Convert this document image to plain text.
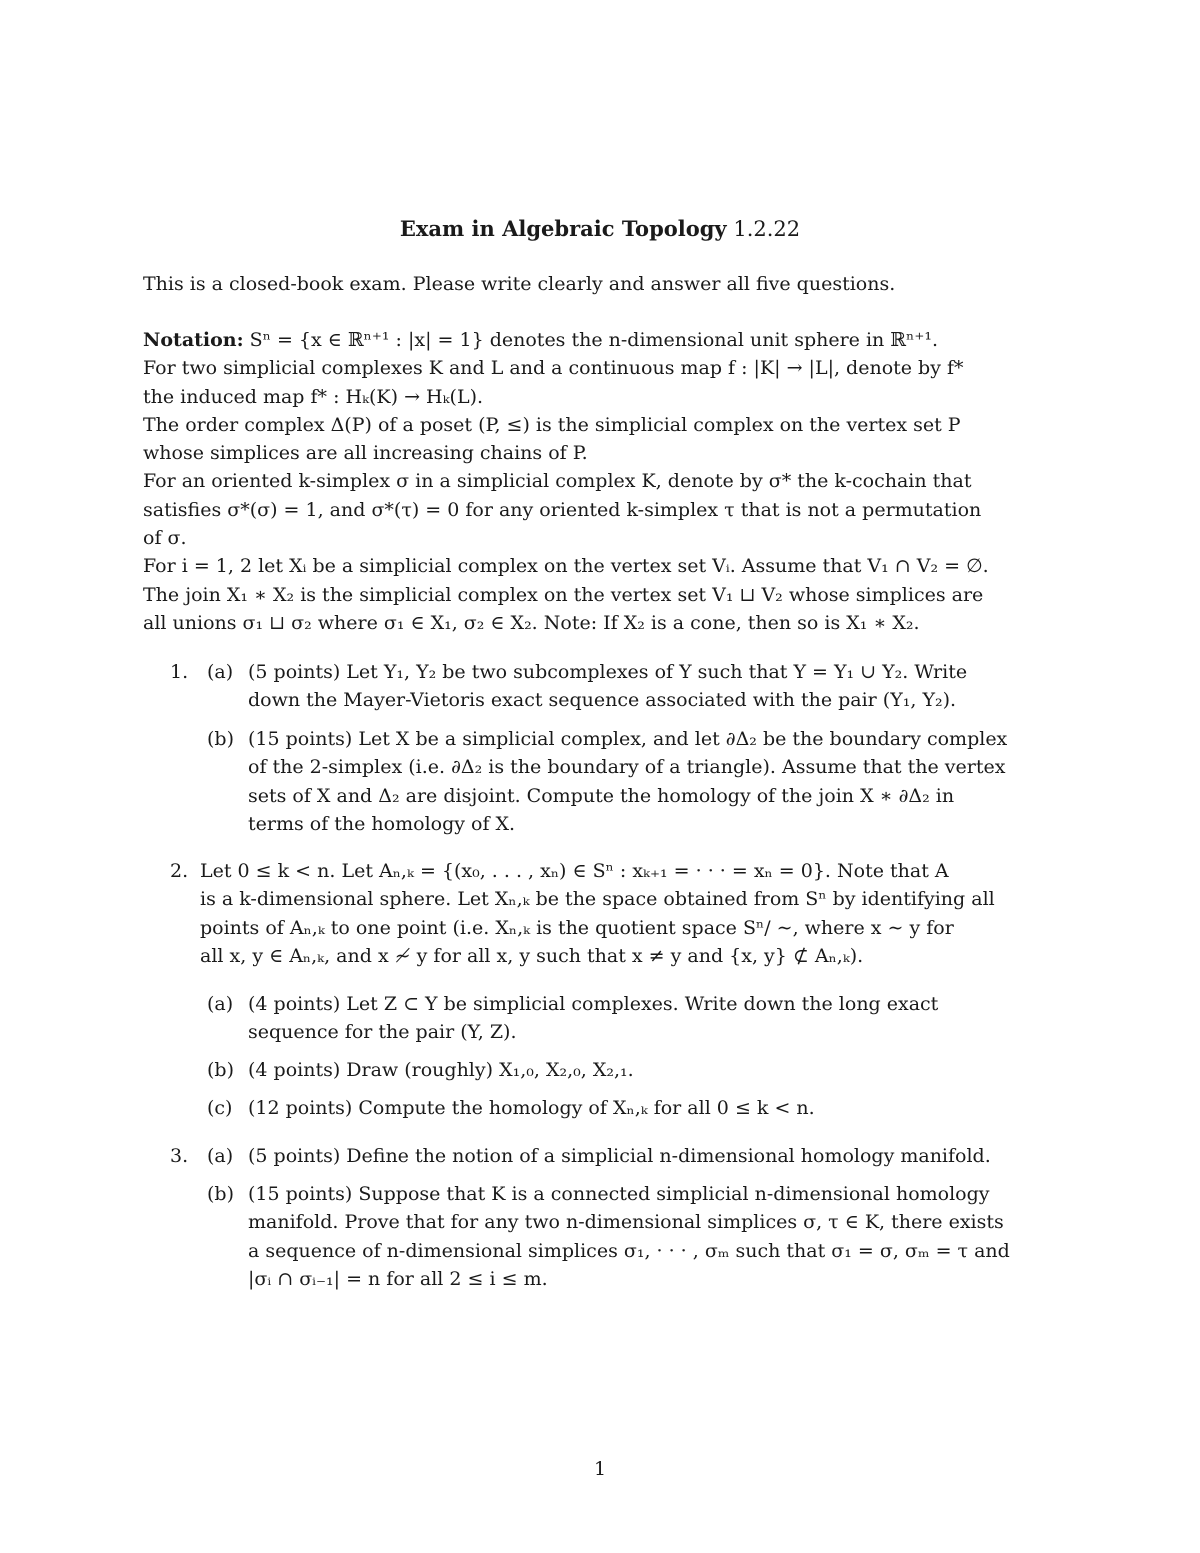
Exam in Algebraic Topology 1.2.22
This is a closed-book exam. Please write clearly and answer all five questions.
Notation: Sⁿ = {x ∈ ℝⁿ⁺¹ : |x| = 1} denotes the n-dimensional unit sphere in ℝⁿ⁺¹.
For two simplicial complexes K and L and a continuous map f : |K| → |L|, denote by f*
the induced map f* : Hₖ(K) → Hₖ(L).
The order complex Δ(P) of a poset (P, ≤) is the simplicial complex on the vertex set P
whose simplices are all increasing chains of P.
For an oriented k-simplex σ in a simplicial complex K, denote by σ* the k-cochain that
satisfies σ*(σ) = 1, and σ*(τ) = 0 for any oriented k-simplex τ that is not a permutation
of σ.
For i = 1, 2 let Xᵢ be a simplicial complex on the vertex set Vᵢ. Assume that V₁ ∩ V₂ = ∅.
The join X₁ ∗ X₂ is the simplicial complex on the vertex set V₁ ⊔ V₂ whose simplices are
all unions σ₁ ⊔ σ₂ where σ₁ ∈ X₁, σ₂ ∈ X₂. Note: If X₂ is a cone, then so is X₁ ∗ X₂.
1. (a) (5 points) Let Y₁, Y₂ be two subcomplexes of Y such that Y = Y₁ ∪ Y₂. Write
down the Mayer-Vietoris exact sequence associated with the pair (Y₁, Y₂).
(b) (15 points) Let X be a simplicial complex, and let ∂Δ₂ be the boundary complex
of the 2-simplex (i.e. ∂Δ₂ is the boundary of a triangle). Assume that the vertex
sets of X and Δ₂ are disjoint. Compute the homology of the join X ∗ ∂Δ₂ in
terms of the homology of X.
2. Let 0 ≤ k < n. Let Aₙ,ₖ = {(x₀, . . . , xₙ) ∈ Sⁿ : xₖ₊₁ = · · · = xₙ = 0}. Note that A
is a k-dimensional sphere. Let Xₙ,ₖ be the space obtained from Sⁿ by identifying all
points of Aₙ,ₖ to one point (i.e. Xₙ,ₖ is the quotient space Sⁿ/ ∼, where x ∼ y for
all x, y ∈ Aₙ,ₖ, and x ≁ y for all x, y such that x ≠ y and {x, y} ⊄ Aₙ,ₖ).
(a) (4 points) Let Z ⊂ Y be simplicial complexes. Write down the long exact
sequence for the pair (Y, Z).
(b) (4 points) Draw (roughly) X₁,₀, X₂,₀, X₂,₁.
(c) (12 points) Compute the homology of Xₙ,ₖ for all 0 ≤ k < n.
3. (a) (5 points) Define the notion of a simplicial n-dimensional homology manifold.
(b) (15 points) Suppose that K is a connected simplicial n-dimensional homology
manifold. Prove that for any two n-dimensional simplices σ, τ ∈ K, there exists
a sequence of n-dimensional simplices σ₁, · · · , σₘ such that σ₁ = σ, σₘ = τ and
|σᵢ ∩ σᵢ₋₁| = n for all 2 ≤ i ≤ m.
1
